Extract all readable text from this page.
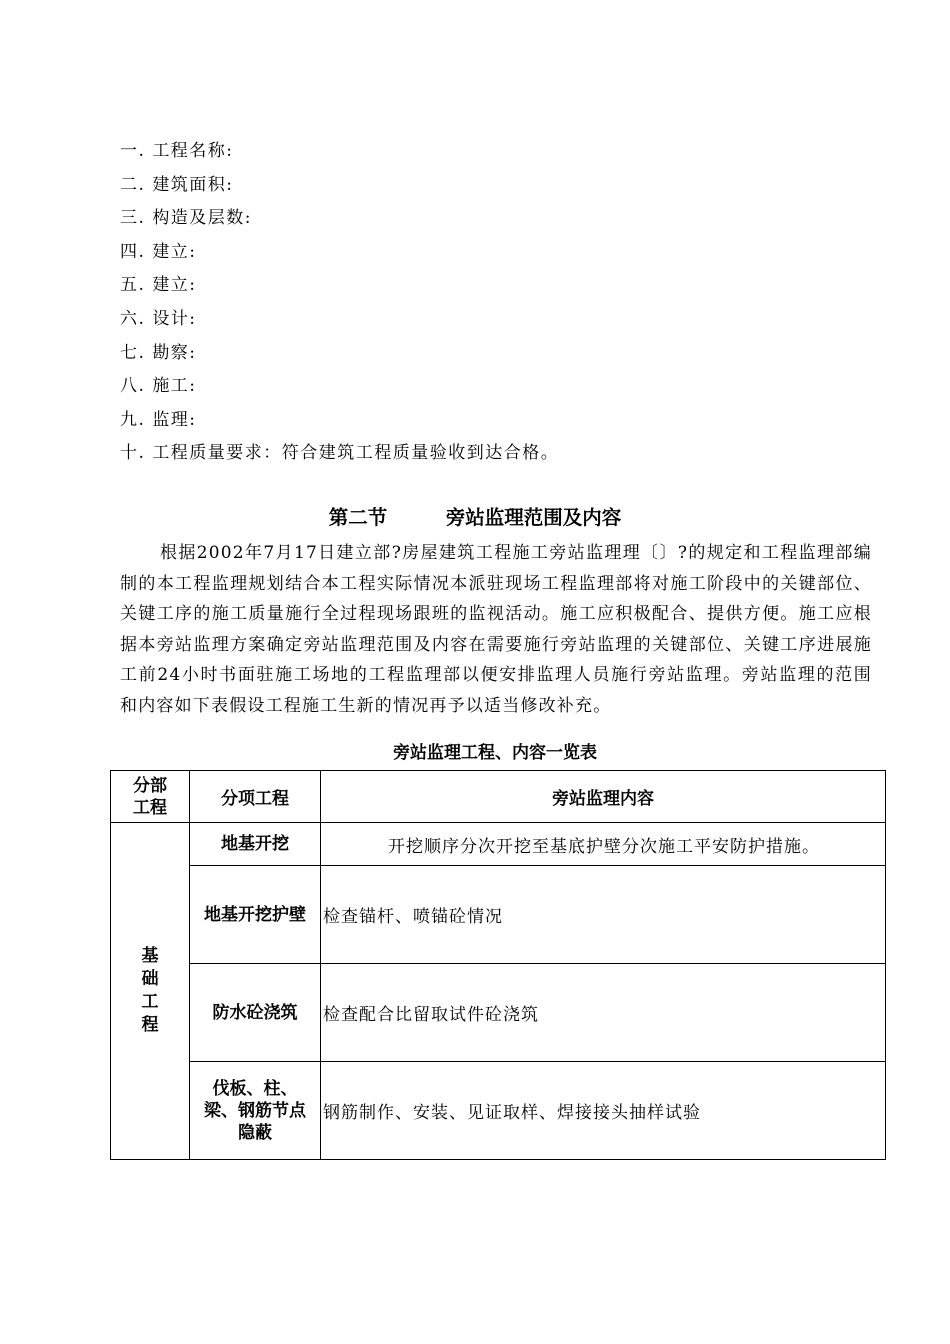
一. 工程名称:
二. 建筑面积:
三. 构造及层数:
四. 建立:
五. 建立:
六. 设计:
七. 勘察:
八. 施工:
九. 监理:
十. 工程质量要求：符合建筑工程质量验收到达合格。
第二节　　　旁站监理范围及内容

根据2002年7月17日建立部?房屋建筑工程施工旁站监理理〔〕?的规定和工程监理部编制的本工程监理规划结合本工程实际情况本派驻现场工程监理部将对施工阶段中的关键部位、关键工序的施工质量施行全过程现场跟班的监视活动。施工应积极配合、提供方便。施工应根据本旁站监理方案确定旁站监理范围及内容在需要施行旁站监理的关键部位、关键工序进展施工前24小时书面驻施工场地的工程监理部以便安排监理人员施行旁站监理。旁站监理的范围和内容如下表假设工程施工生新的情况再予以适当修改补充。

旁站监理工程、内容一览表
分部工程	分项工程	旁站监理内容
基础工程	地基开挖	开挖顺序分次开挖至基底护壁分次施工平安防护措施。
	地基开挖护壁	检查锚杆、喷锚砼情况
	防水砼浇筑	检查配合比留取试件砼浇筑
	伐板、柱、梁、钢筋节点隐蔽	钢筋制作、安装、见证取样、焊接接头抽样试验
